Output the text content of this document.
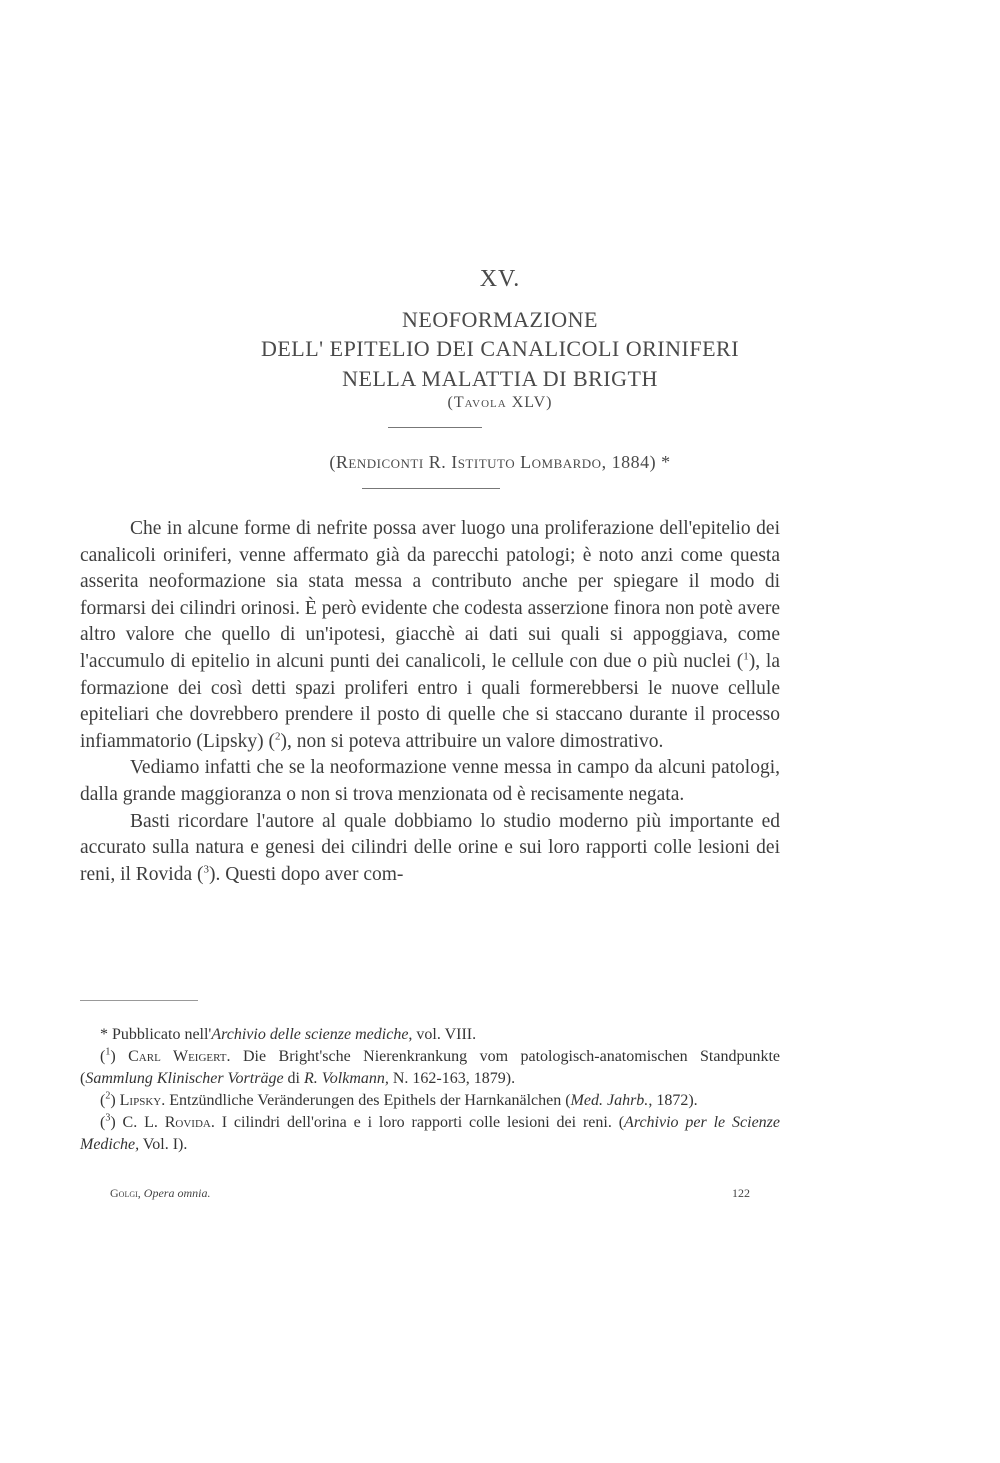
XV.
NEOFORMAZIONE
DELL' EPITELIO DEI CANALICOLI ORINIFERI
NELLA MALATTIA DI BRIGTH
(Tavola XLV)
(Rendiconti R. Istituto Lombardo, 1884) *

Che in alcune forme di nefrite possa aver luogo una proliferazione dell'epitelio dei canalicoli oriniferi, venne affermato già da parecchi patologi; è noto anzi come questa asserita neoformazione sia stata messa a contributo anche per spiegare il modo di formarsi dei cilindri orinosi. È però evidente che codesta asserzione finora non potè avere altro valore che quello di un'ipotesi, giacchè ai dati sui quali si appoggiava, come l'accumulo di epitelio in alcuni punti dei canalicoli, le cellule con due o più nuclei ($^1$), la formazione dei così detti spazi proliferi entro i quali formerebbersi le nuove cellule epiteliari che dovrebbero prendere il posto di quelle che si staccano durante il processo infiammatorio (Lipsky) ($^2$), non si poteva attribuire un valore dimostrativo.

Vediamo infatti che se la neoformazione venne messa in campo da alcuni patologi, dalla grande maggioranza o non si trova menzionata od è recisamente negata.

Basti ricordare l'autore al quale dobbiamo lo studio moderno più importante ed accurato sulla natura e genesi dei cilindri delle orine e sui loro rapporti colle lesioni dei reni, il Rovida ($^3$). Questi dopo aver com-

* Pubblicato nell'Archivio delle scienze mediche, vol. VIII.

($^1$) Carl Weigert. Die Bright'sche Nierenkrankung vom patologisch-anatomischen Standpunkte (Sammlung Klinischer Vorträge di R. Volkmann, N. 162-163, 1879).

($^2$) Lipsky. Entzündliche Veränderungen des Epithels der Harnkanälchen (Med. Jahrb., 1872).

($^3$) C. L. Rovida. I cilindri dell'orina e i loro rapporti colle lesioni dei reni. (Archivio per le Scienze Mediche, Vol. I).

Golgi, Opera omnia.	122
